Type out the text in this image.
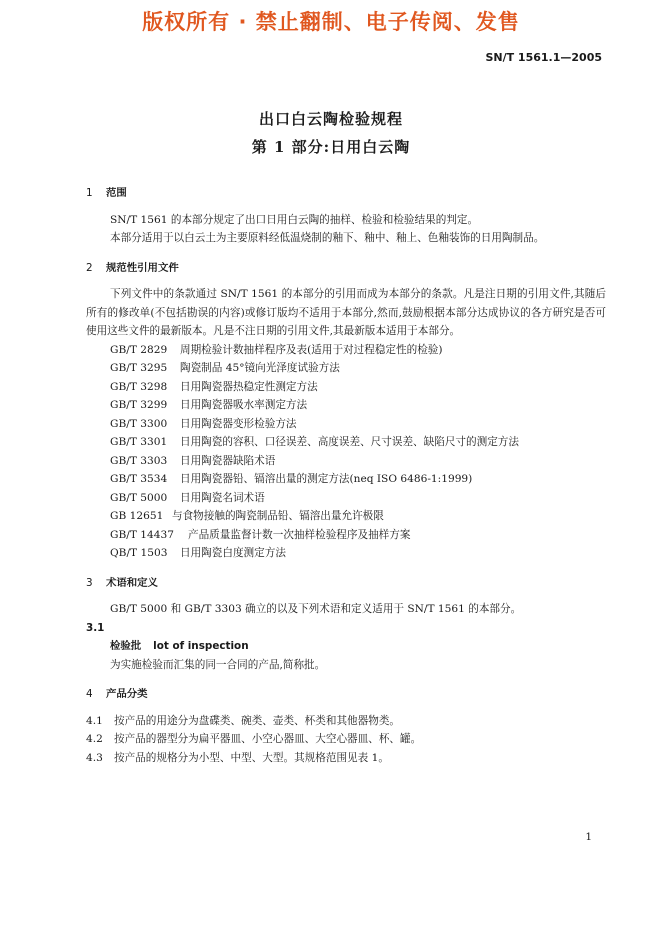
版权所有 · 禁止翻制、电子传阅、发售

SN/T 1561.1—2005

出口白云陶检验规程

第 1 部分:日用白云陶

1 范围

SN/T 1561 的本部分规定了出口日用白云陶的抽样、检验和检验结果的判定。

本部分适用于以白云土为主要原料经低温烧制的釉下、釉中、釉上、色釉装饰的日用陶制品。

2 规范性引用文件

下列文件中的条款通过 SN/T 1561 的本部分的引用而成为本部分的条款。凡是注日期的引用文件,其随后所有的修改单(不包括勘误的内容)或修订版均不适用于本部分,然而,鼓励根据本部分达成协议的各方研究是否可使用这些文件的最新版本。凡是不注日期的引用文件,其最新版本适用于本部分。

GB/T 2829 周期检验计数抽样程序及表(适用于对过程稳定性的检验)

GB/T 3295 陶瓷制品 45°镜向光泽度试验方法

GB/T 3298 日用陶瓷器热稳定性测定方法

GB/T 3299 日用陶瓷器吸水率测定方法

GB/T 3300 日用陶瓷器变形检验方法

GB/T 3301 日用陶瓷的容积、口径误差、高度误差、尺寸误差、缺陷尺寸的测定方法

GB/T 3303 日用陶瓷器缺陷术语

GB/T 3534 日用陶瓷器铅、镉溶出量的测定方法(neq ISO 6486-1:1999)

GB/T 5000 日用陶瓷名词术语

GB 12651 与食物接触的陶瓷制品铅、镉溶出量允许极限

GB/T 14437 产品质量监督计数一次抽样检验程序及抽样方案

QB/T 1503 日用陶瓷白度测定方法

3 术语和定义

GB/T 5000 和 GB/T 3303 确立的以及下列术语和定义适用于 SN/T 1561 的本部分。

3.1

检验批 lot of inspection

为实施检验而汇集的同一合同的产品,简称批。

4 产品分类

4.1 按产品的用途分为盘碟类、碗类、壶类、杯类和其他器物类。

4.2 按产品的器型分为扁平器皿、小空心器皿、大空心器皿、杯、罐。

4.3 按产品的规格分为小型、中型、大型。其规格范围见表 1。

1
